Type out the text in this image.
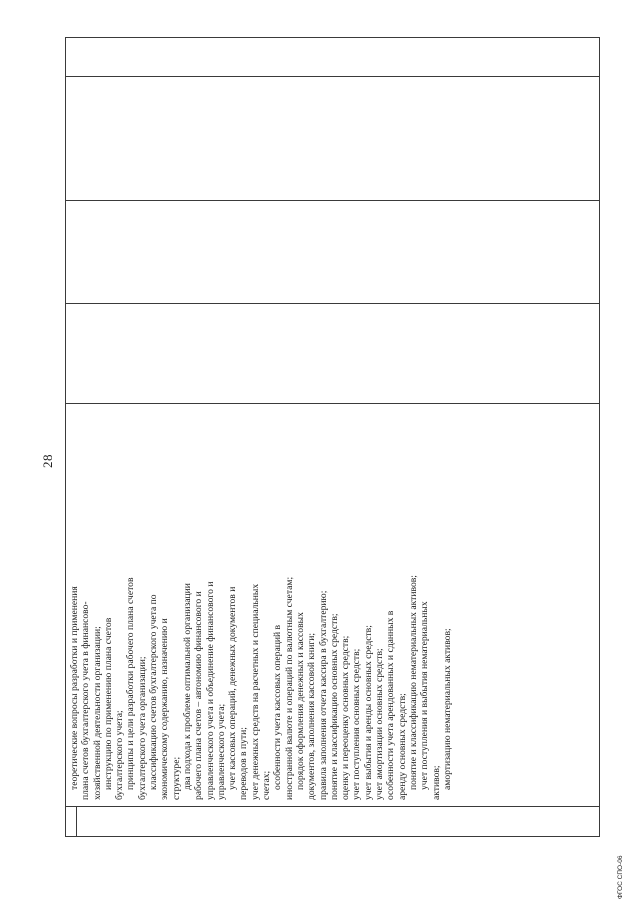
28
теоретические вопросы разработки и применения плана счетов бухгалтерского учета в финансово- хозяйственной деятельности организации; инструкцию по применению плана счетов бухгалтерского учета; принципы и цели разработки рабочего плана счетов бухгалтерского учета организации; классификацию счетов бухгалтерского учета по экономическому содержанию, назначению и структуре; два подхода к проблеме оптимальной организации рабочего плана счетов – автономию финансового и управленческого учета и объединение финансового и управленческого учета; учет кассовых операций, денежных документов и переводов в пути; учет денежных средств на расчетных и специальных счетах; особенности учета кассовых операций в иностранной валюте и операций по валютным счетам; порядок оформления денежных и кассовых документов, заполнения кассовой книги; правила заполнения отчета кассира в бухгалтерию; понятие и классификацию основных средств; оценку и переоценку основных средств; учет поступления основных средств; учет выбытия и аренды основных средств; учет амортизации основных средств; особенности учета арендованных и сданных в аренду основных средств; понятие и классификацию нематериальных активов; учет поступления и выбытия нематериальных активов; амортизацию нематериальных активов;
ФГОС СПО-06
